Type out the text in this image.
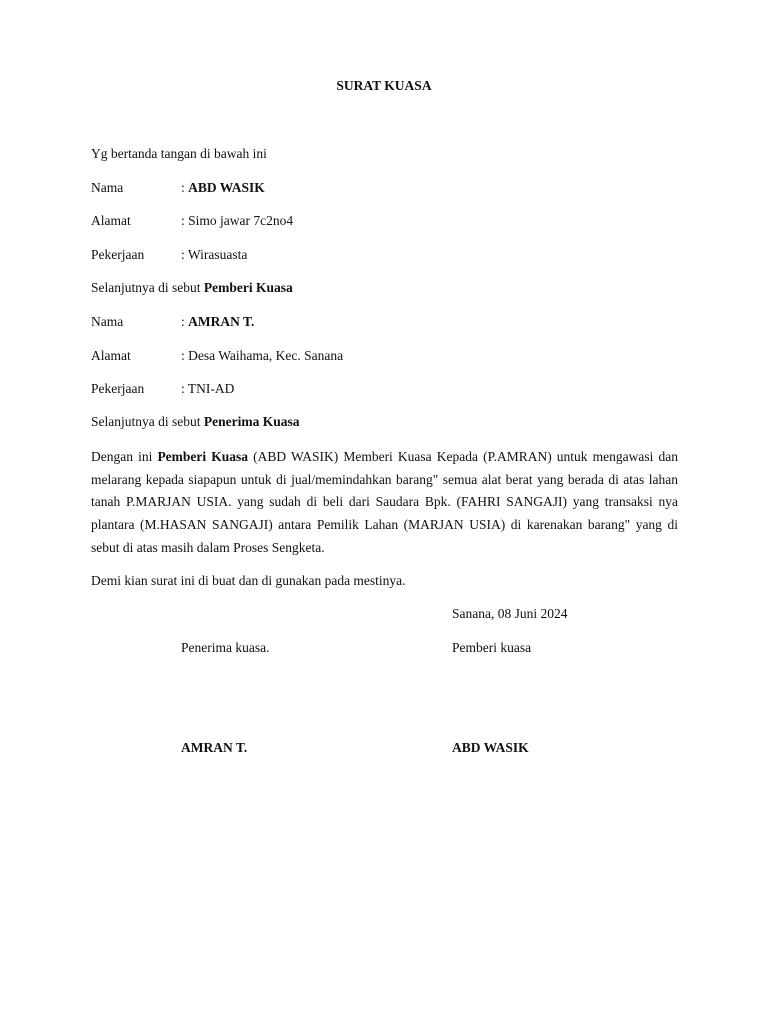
SURAT KUASA
Yg bertanda tangan di bawah ini
Nama	: ABD WASIK
Alamat	: Simo jawar 7c2no4
Pekerjaan	: Wirasuasta
Selanjutnya di sebut Pemberi Kuasa
Nama	: AMRAN T.
Alamat	: Desa Waihama, Kec. Sanana
Pekerjaan	: TNI-AD
Selanjutnya di sebut Penerima Kuasa
Dengan ini Pemberi Kuasa (ABD WASIK) Memberi Kuasa Kepada (P.AMRAN) untuk mengawasi dan melarang kepada siapapun untuk di jual/memindahkan barang" semua alat berat yang berada di atas lahan tanah P.MARJAN USIA. yang sudah di beli dari Saudara Bpk. (FAHRI SANGAJI) yang transaksi nya plantara (M.HASAN SANGAJI) antara Pemilik Lahan (MARJAN USIA) di karenakan barang" yang di sebut di atas masih dalam Proses Sengketa.
Demi kian surat ini di buat dan di gunakan pada mestinya.
Sanana, 08 Juni 2024
Penerima kuasa.	Pemberi kuasa
AMRAN T.	ABD WASIK
